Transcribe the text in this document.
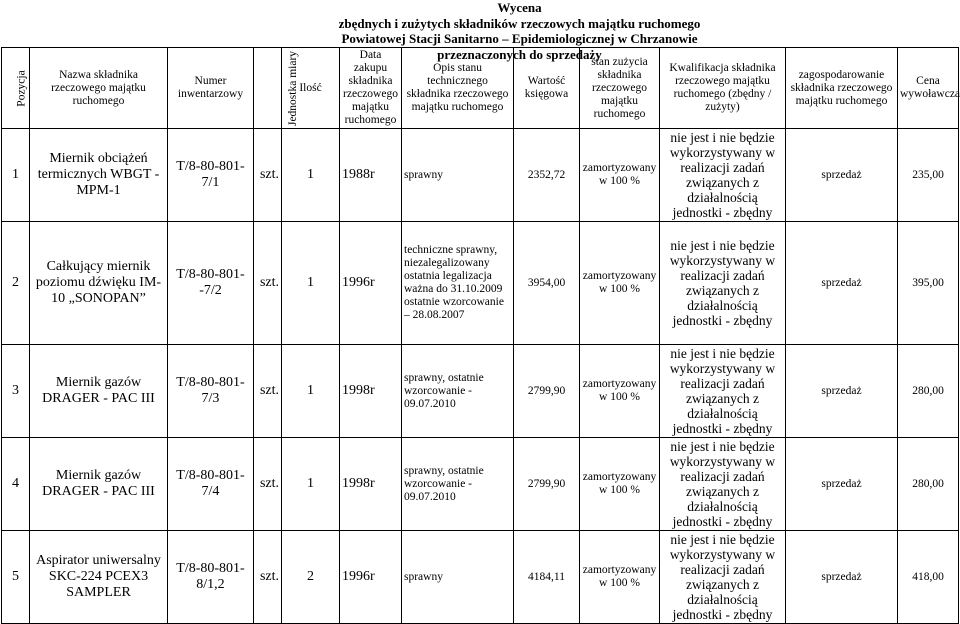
Wycena
zbędnych i zużytych składników rzeczowych majątku ruchomego
Powiatowej Stacji Sanitarno – Epidemiologicznej w Chrzanowie
przeznaczonych do sprzedaży
Pozycja	Nazwa składnika rzeczowego majątku ruchomego	Numer inwentarzowy	Jednostka miary	Ilość	Data zakupu składnika rzeczowego majątku ruchomego	Opis stanu technicznego składnika rzeczowego majątku ruchomego	Wartość księgowa	stan zużycia składnika rzeczowego majątku ruchomego	Kwalifikacja składnika rzeczowego majątku ruchomego (zbędny / zużyty)	zagospodarowanie składnika rzeczowego majątku ruchomego	Cena wywoławcza
1	Miernik obciążeń termicznych WBGT - MPM-1	T/8-80-801-7/1	szt.	1	1988r	sprawny	2352,72	zamortyzowany w 100 %	nie jest i nie będzie wykorzystywany w realizacji zadań związanych z działalnością jednostki - zbędny	sprzedaż	235,00
2	Całkujący miernik poziomu dźwięku IM-10 „SONOPAN”	T/8-80-801--7/2	szt.	1	1996r	techniczne sprawny, niezalegalizowany ostatnia legalizacja ważna do 31.10.2009 ostatnie wzorcowanie – 28.08.2007	3954,00	zamortyzowany w 100 %	nie jest i nie będzie wykorzystywany w realizacji zadań związanych z działalnością jednostki - zbędny	sprzedaż	395,00
3	Miernik gazów DRAGER - PAC III	T/8-80-801-7/3	szt.	1	1998r	sprawny, ostatnie wzorcowanie - 09.07.2010	2799,90	zamortyzowany w 100 %	nie jest i nie będzie wykorzystywany w realizacji zadań związanych z działalnością jednostki - zbędny	sprzedaż	280,00
4	Miernik gazów DRAGER - PAC III	T/8-80-801-7/4	szt.	1	1998r	sprawny, ostatnie wzorcowanie - 09.07.2010	2799,90	zamortyzowany w 100 %	nie jest i nie będzie wykorzystywany w realizacji zadań związanych z działalnością jednostki - zbędny	sprzedaż	280,00
5	Aspirator uniwersalny SKC-224 PCEX3 SAMPLER	T/8-80-801-8/1,2	szt.	2	1996r	sprawny	4184,11	zamortyzowany w 100 %	nie jest i nie będzie wykorzystywany w realizacji zadań związanych z działalnością jednostki - zbędny	sprzedaż	418,00
